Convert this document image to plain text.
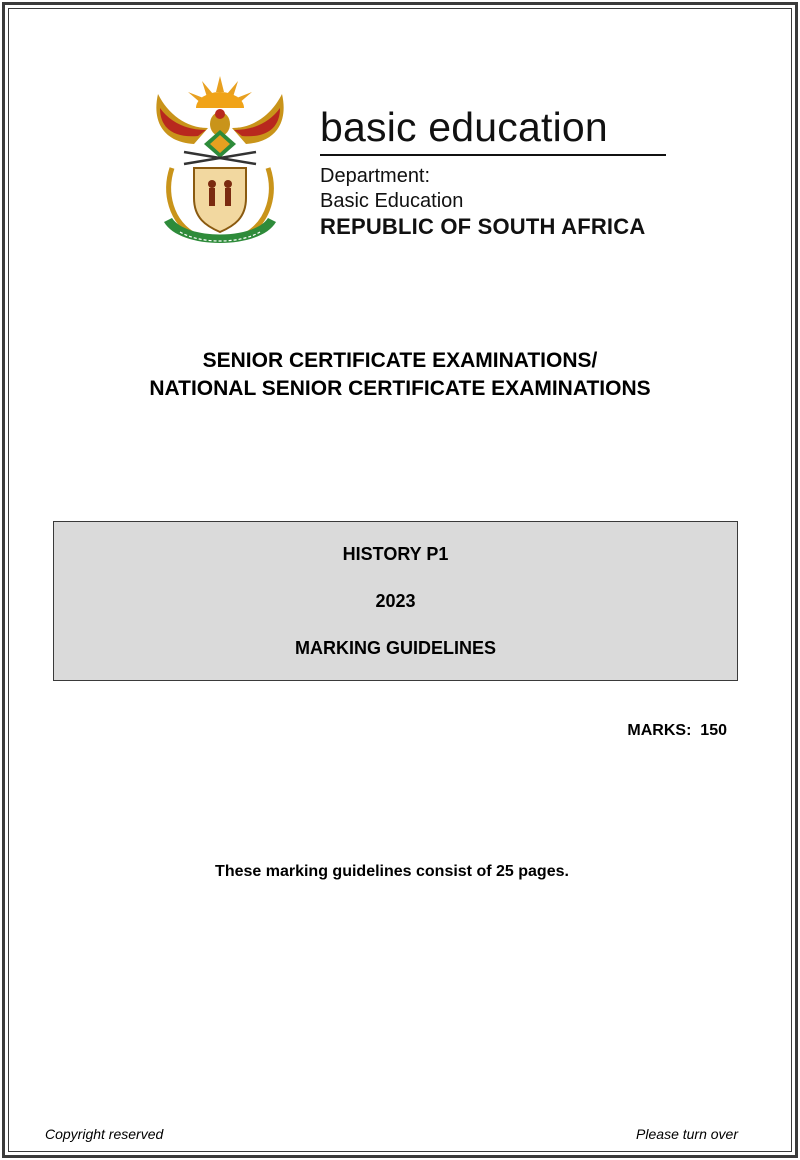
basic education
Department:
Basic Education
REPUBLIC OF SOUTH AFRICA
SENIOR CERTIFICATE EXAMINATIONS/
NATIONAL SENIOR CERTIFICATE EXAMINATIONS
HISTORY P1
2023
MARKING GUIDELINES
MARKS:  150
These marking guidelines consist of 25 pages.
Copyright reserved	Please turn over
